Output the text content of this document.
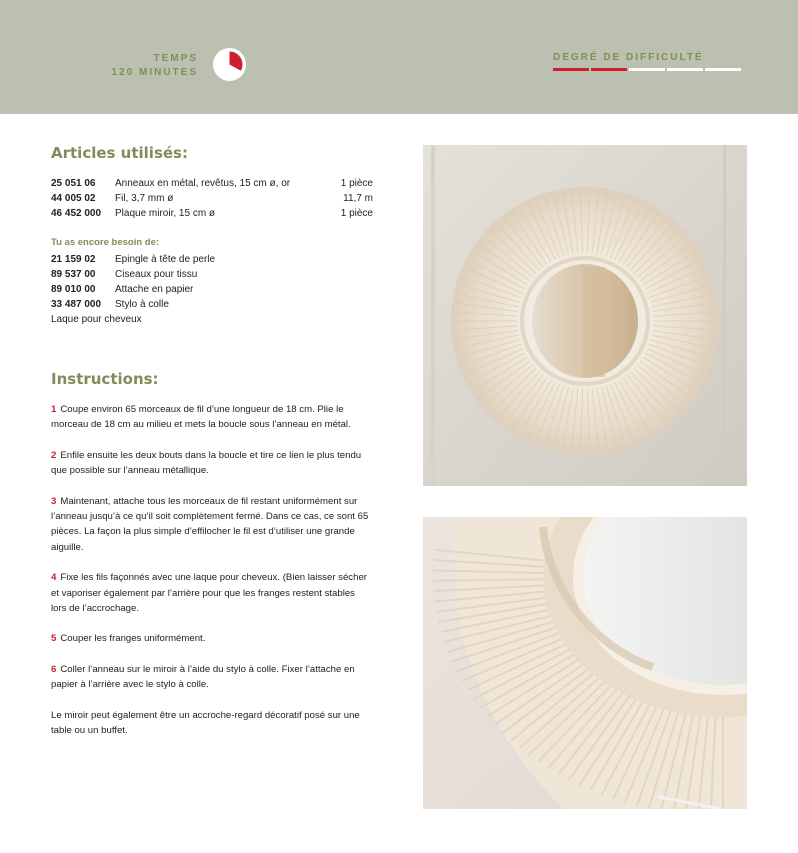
TEMPS
120 MINUTES
DEGRÉ DE DIFFICULTÉ
Articles utilisés:
25 051 06 Anneaux en métal, revêtus, 15 cm ø, or	1 pièce
44 005 02 Fil, 3,7 mm ø	11,7 m
46 452 000 Plaque miroir, 15 cm ø	1 pièce
Tu as encore besoin de:
21 159 02 Epingle à tête de perle
89 537 00 Ciseaux pour tissu
89 010 00 Attache en papier
33 487 000 Stylo à colle
Laque pour cheveux
Instructions:

1 Coupe environ 65 morceaux de fil d’une longueur de 18 cm. Plie le morceau de 18 cm au milieu et mets la boucle sous l’anneau en métal.

2 Enfile ensuite les deux bouts dans la boucle et tire ce lien le plus tendu que possible sur l’anneau métallique.

3 Maintenant, attache tous les morceaux de fil restant uniformément sur l’anneau jusqu’à ce qu’il soit complètement fermé. Dans ce cas, ce sont 65 pièces. La façon la plus simple d’effilocher le fil est d’utiliser une grande aiguille.

4 Fixe les fils façonnés avec une laque pour cheveux. (Bien laisser sécher et vaporiser également par l’arrière pour que les franges restent stables lors de l’accrochage.

5 Couper les franges uniformément.

6 Coller l’anneau sur le miroir à l’aide du stylo à colle. Fixer l’attache en papier à l’arrière avec le stylo à colle.

Le miroir peut également être un accroche-regard décoratif posé sur une table ou un buffet.
